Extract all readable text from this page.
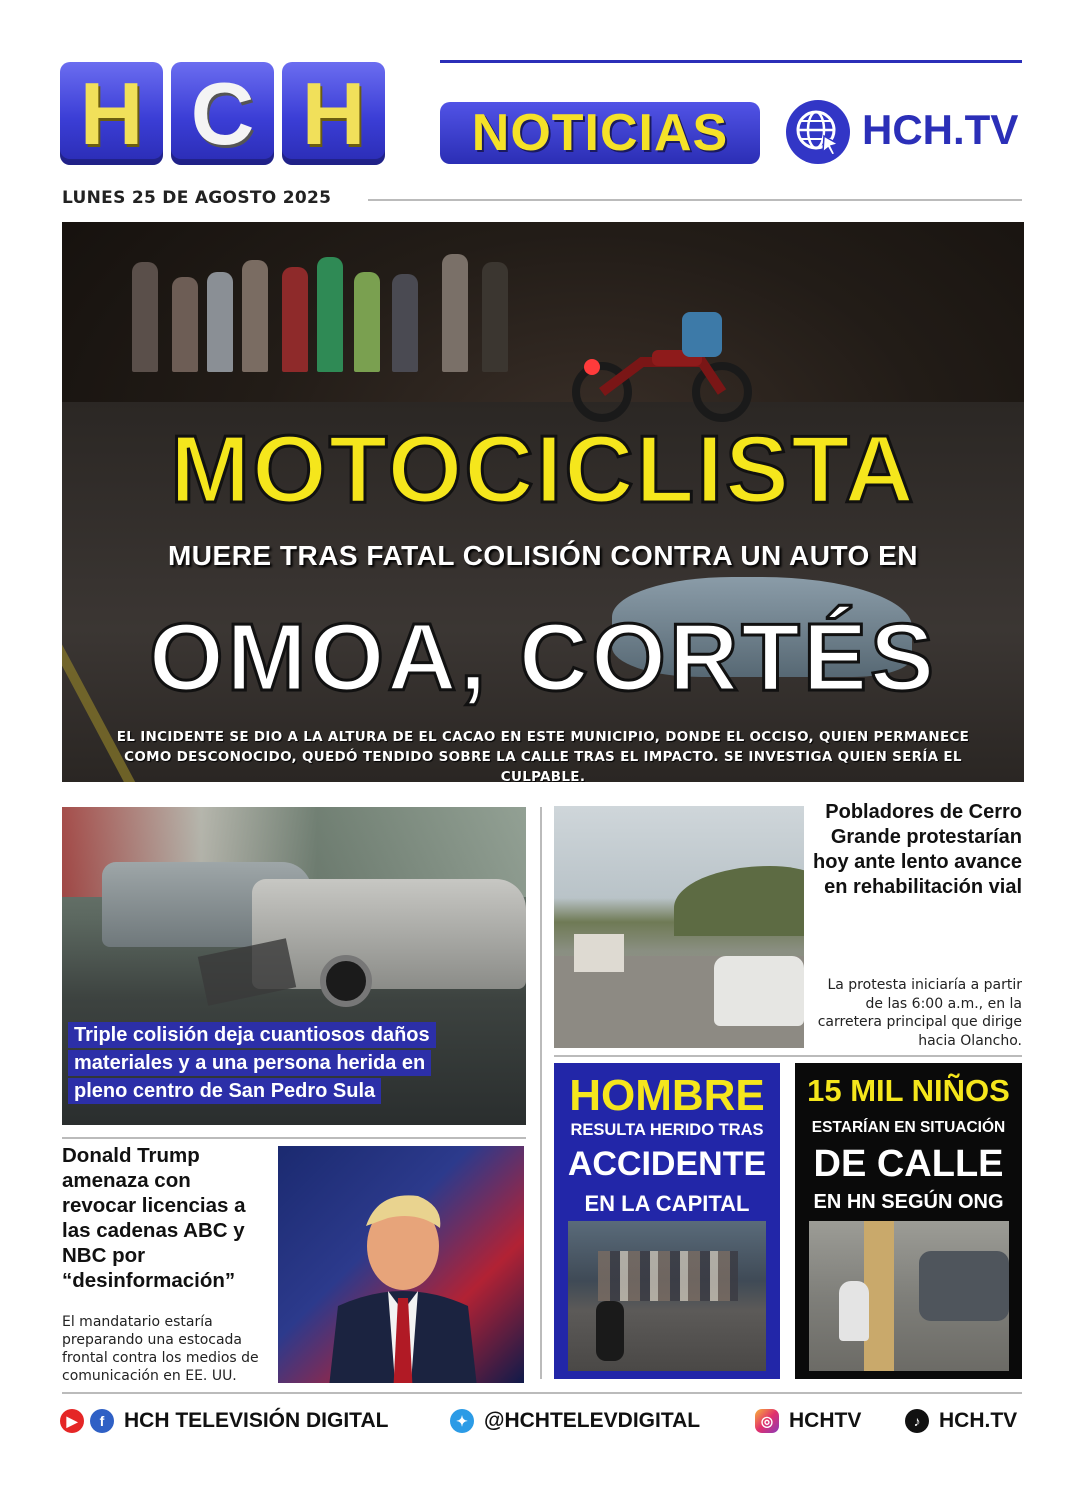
H C H	NOTICIAS	HCH.TV
LUNES 25 DE AGOSTO 2025
MOTOCICLISTA
MUERE TRAS FATAL COLISIÓN CONTRA UN AUTO EN
OMOA, CORTÉS
EL INCIDENTE SE DIO A LA ALTURA DE EL CACAO EN ESTE MUNICIPIO, DONDE EL OCCISO, QUIEN PERMANECE
COMO DESCONOCIDO, QUEDÓ TENDIDO SOBRE LA CALLE TRAS EL IMPACTO. SE INVESTIGA QUIEN SERÍA EL CULPABLE.
Triple colisión deja cuantiosos daños materiales y a una persona herida en pleno centro de San Pedro Sula
Donald Trump amenaza con revocar licencias a las cadenas ABC y NBC por “desinformación”
El mandatario estaría preparando una estocada frontal contra los medios de comunicación en EE. UU.
Pobladores de Cerro Grande protestarían hoy ante lento avance en rehabilitación vial
La protesta iniciaría a partir de las 6:00 a.m., en la carretera principal que dirige hacia Olancho.
HOMBRE
RESULTA HERIDO TRAS
ACCIDENTE
EN LA CAPITAL
15 MIL NIÑOS
ESTARÍAN EN SITUACIÓN
DE CALLE
EN HN SEGÚN ONG
▶	f HCH TELEVISIÓN DIGITAL	✦ @HCHTELEVDIGITAL	◎ HCHTV	♪ HCH.TV
